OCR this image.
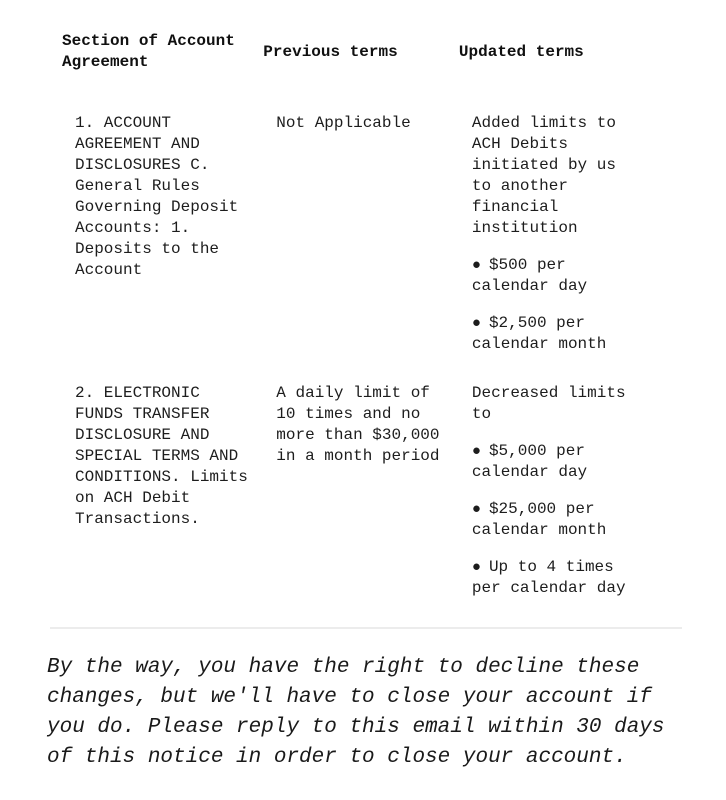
Section of Account Agreement	Previous terms	Updated terms

1. ACCOUNT AGREEMENT AND DISCLOSURES C. General Rules Governing Deposit Accounts: 1. Deposits to the Account	Not Applicable	Added limits to ACH Debits initiated by us to another financial institution
● $500 per calendar day
● $2,500 per calendar month

2. ELECTRONIC FUNDS TRANSFER DISCLOSURE AND SPECIAL TERMS AND CONDITIONS. Limits on ACH Debit Transactions.	A daily limit of 10 times and no more than $30,000 in a month period	Decreased limits to
● $5,000 per calendar day
● $25,000 per calendar month
● Up to 4 times per calendar day

By the way, you have the right to decline these changes, but we'll have to close your account if you do. Please reply to this email within 30 days of this notice in order to close your account.
